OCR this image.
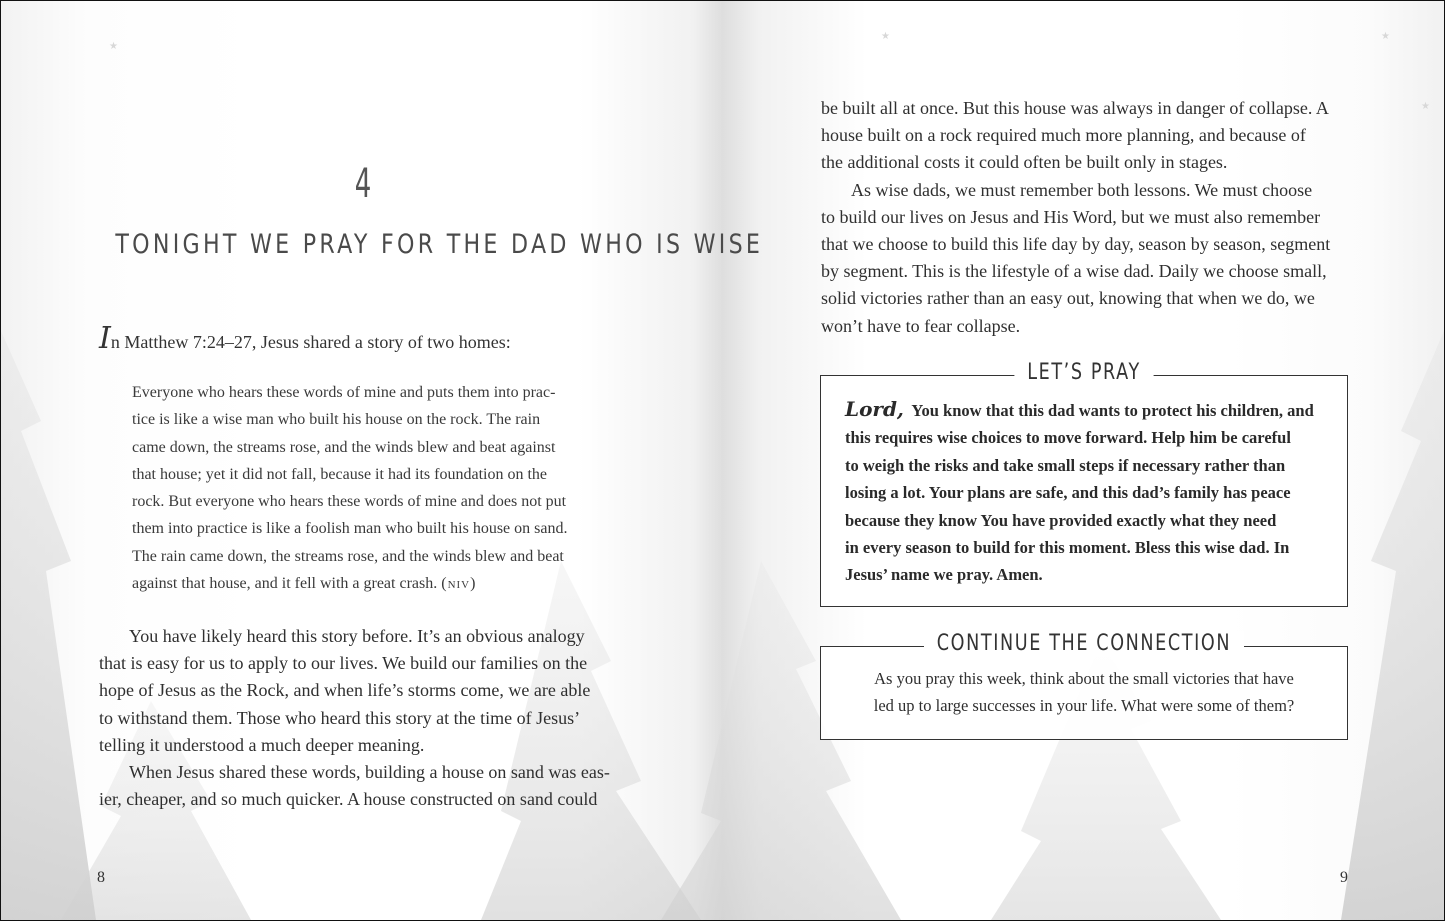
★
★
★
★
4
TONIGHT WE PRAY FOR THE DAD WHO IS WISE
In Matthew 7:24–27, Jesus shared a story of two homes:
Everyone who hears these words of mine and puts them into prac-
tice is like a wise man who built his house on the rock. The rain
came down, the streams rose, and the winds blew and beat against
that house; yet it did not fall, because it had its foundation on the
rock. But everyone who hears these words of mine and does not put
them into practice is like a foolish man who built his house on sand.
The rain came down, the streams rose, and the winds blew and beat
against that house, and it fell with a great crash. (niv)
You have likely heard this story before. It’s an obvious analogy
that is easy for us to apply to our lives. We build our families on the
hope of Jesus as the Rock, and when life’s storms come, we are able
to withstand them. Those who heard this story at the time of Jesus’
telling it understood a much deeper meaning.
When Jesus shared these words, building a house on sand was eas-
ier, cheaper, and so much quicker. A house constructed on sand could
8
be built all at once. But this house was always in danger of collapse. A
house built on a rock required much more planning, and because of
the additional costs it could often be built only in stages.
As wise dads, we must remember both lessons. We must choose
to build our lives on Jesus and His Word, but we must also remember
that we choose to build this life day by day, season by season, segment
by segment. This is the lifestyle of a wise dad. Daily we choose small,
solid victories rather than an easy out, knowing that when we do, we
won’t have to fear collapse.
LET’S PRAY
Lord, You know that this dad wants to protect his children, and
this requires wise choices to move forward. Help him be careful
to weigh the risks and take small steps if necessary rather than
losing a lot. Your plans are safe, and this dad’s family has peace
because they know You have provided exactly what they need
in every season to build for this moment. Bless this wise dad. In
Jesus’ name we pray. Amen.
CONTINUE THE CONNECTION
As you pray this week, think about the small victories that have
led up to large successes in your life. What were some of them?
9
